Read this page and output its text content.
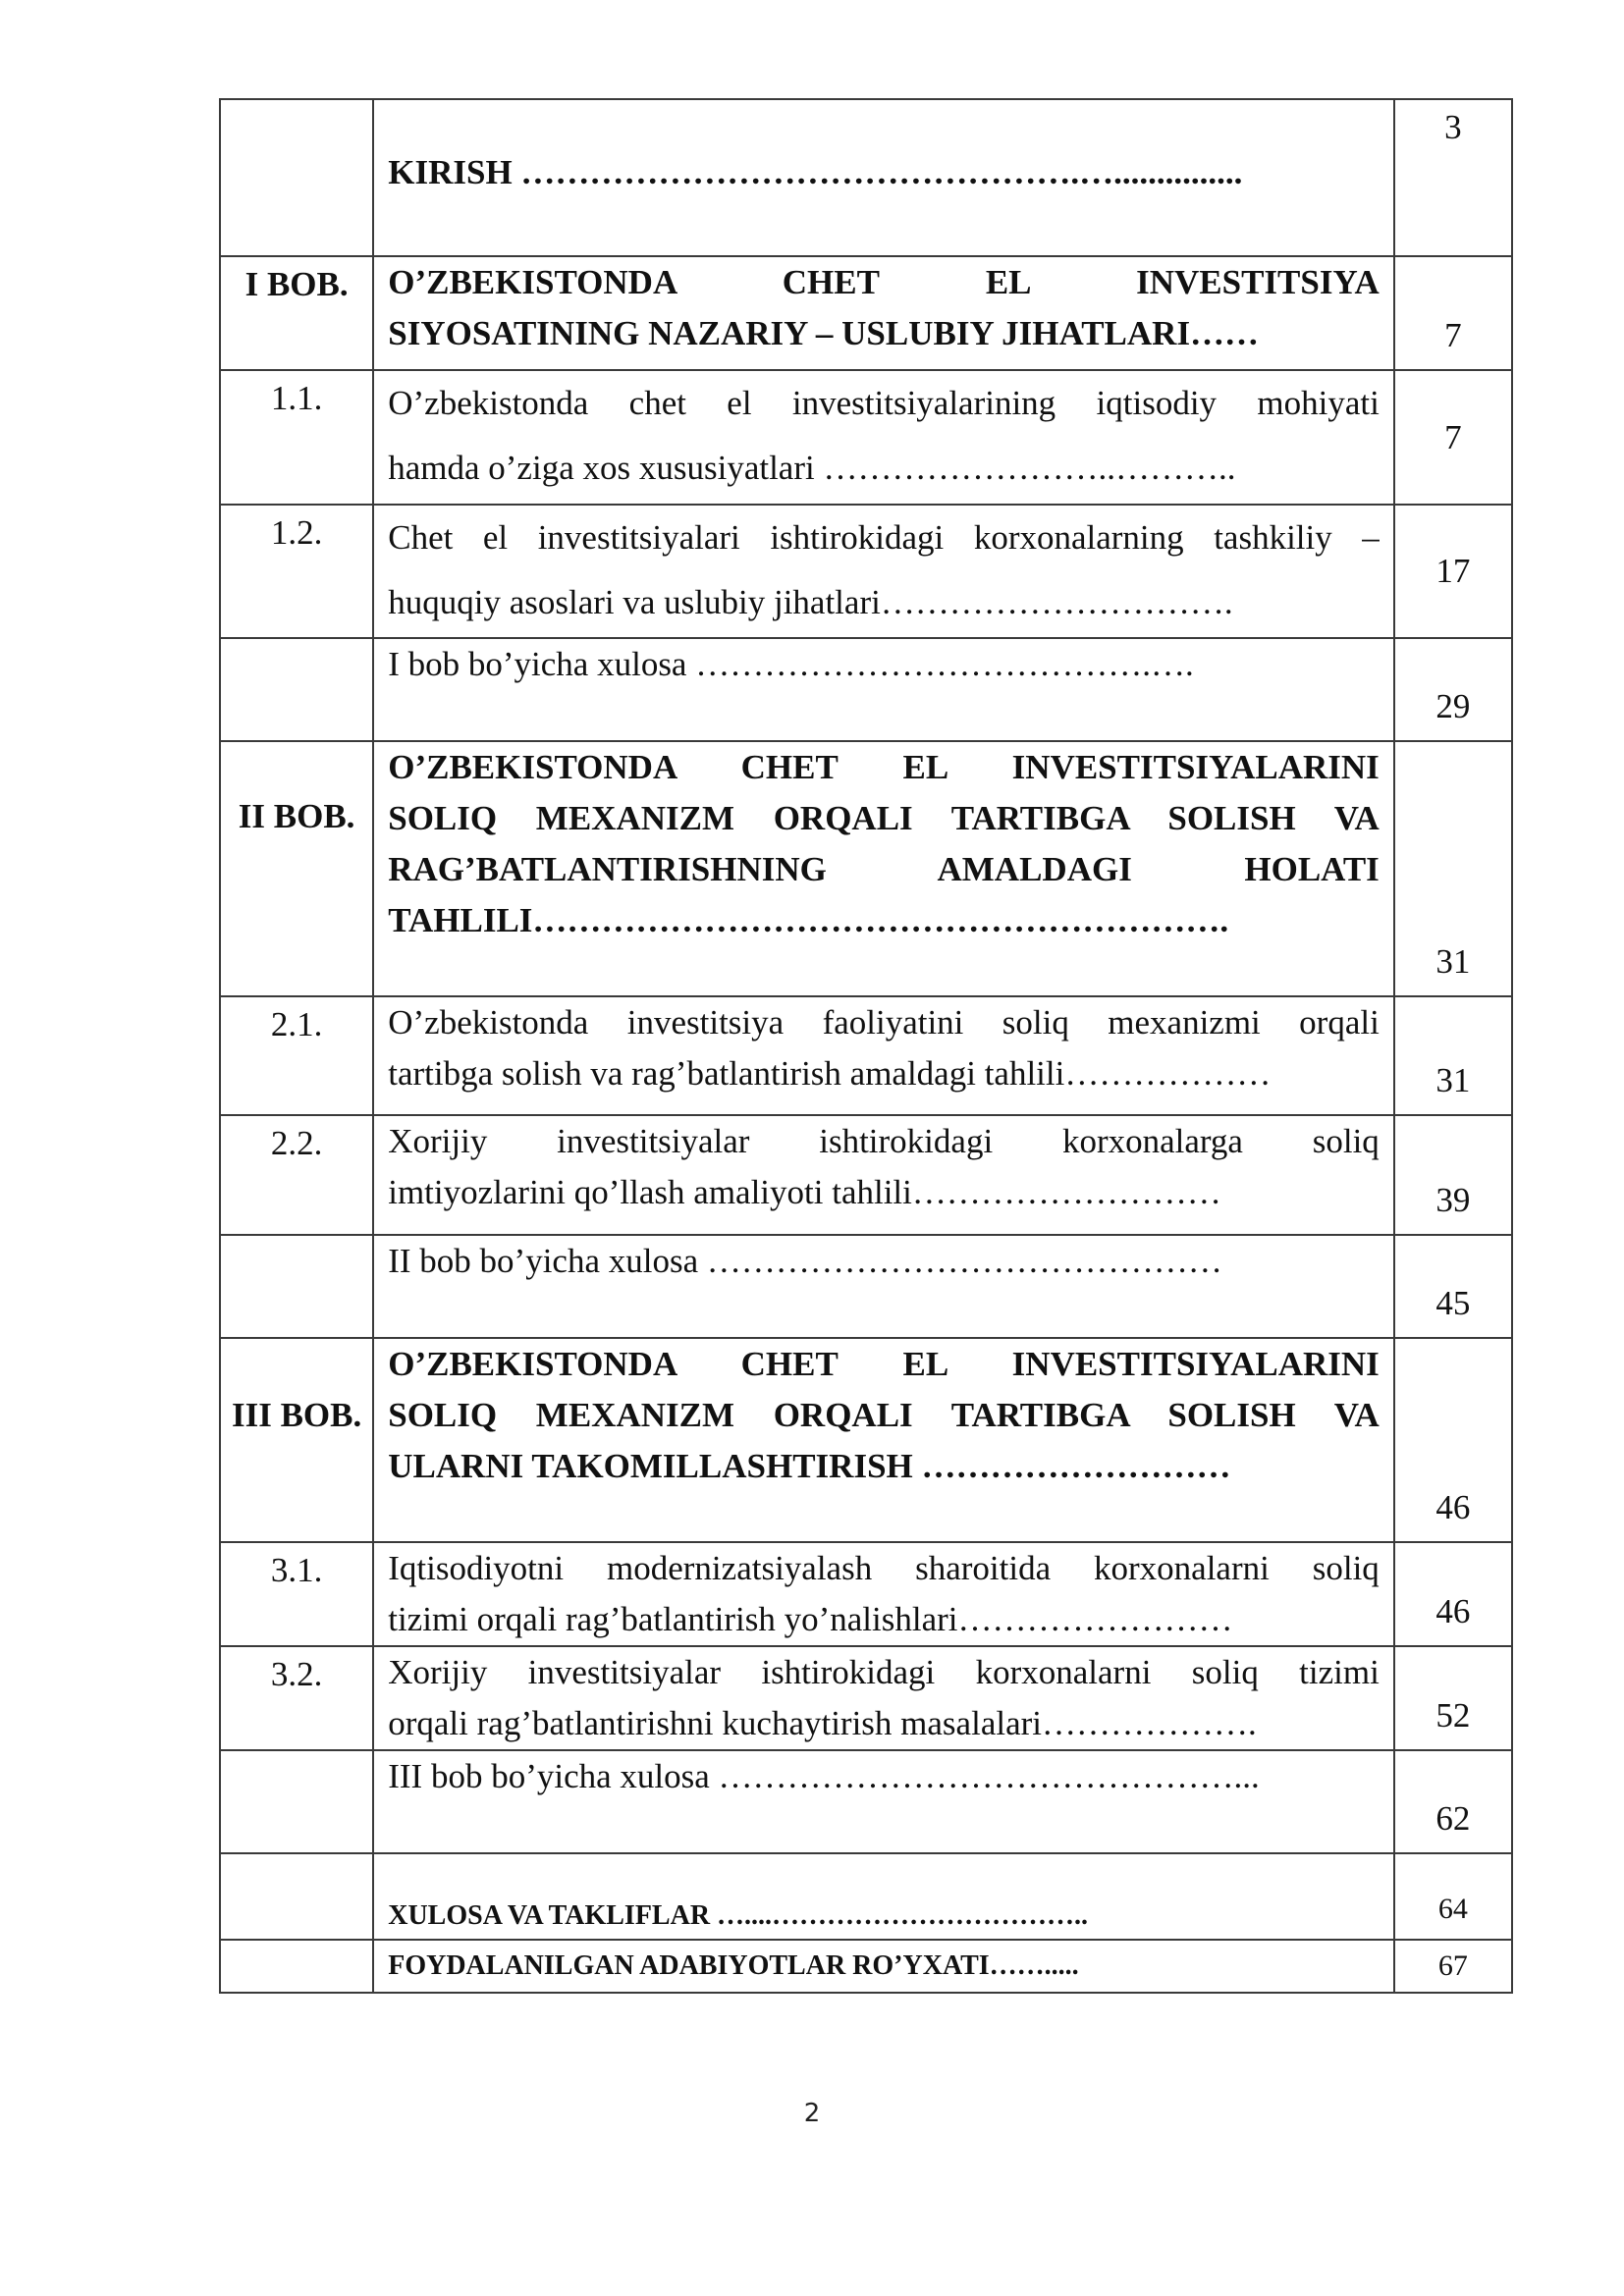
	KIRISH ………………………………………….…...............	3
I BOB.	O’ZBEKISTONDA CHET EL INVESTITSIYA
SIYOSATINING NAZARIY – USLUBIY JIHATLARI……	7
1.1.	O’zbekistonda chet el investitsiyalarining iqtisodiy mohiyati
hamda o’ziga xos xususiyatlari ……………………..………..	7
1.2.	Chet el investitsiyalari ishtirokidagi korxonalarning tashkiliy –
huquqiy asoslari va uslubiy jihatlari………………………….	17

	I bob bo’yicha xulosa ………………………………….….	29
II BOB.	O’ZBEKISTONDA CHET EL INVESTITSIYALARINI
SOLIQ MEXANIZM ORQALI TARTIBGA SOLISH VA
RAG’BATLANTIRISHNING AMALDAGI HOLATI
TAHLILI…………………………………………………….	31
2.1.	O’zbekistonda investitsiya faoliyatini soliq mexanizmi orqali
tartibga solish va rag’batlantirish amaldagi tahlili………………	31
2.2.	Xorijiy investitsiyalar ishtirokidagi korxonalarga soliq
imtiyozlarini qo’llash amaliyoti tahlili………………………	39

	II bob bo’yicha xulosa ………………………………………	45
III BOB.	O’ZBEKISTONDA CHET EL INVESTITSIYALARINI
SOLIQ MEXANIZM ORQALI TARTIBGA SOLISH VA
ULARNI TAKOMILLASHTIRISH ………………………	46
3.1.	Iqtisodiyotni modernizatsiyalash sharoitida korxonalarni soliq
tizimi orqali rag’batlantirish yo’nalishlari……………………	46
3.2.	Xorijiy investitsiyalar ishtirokidagi korxonalarni soliq tizimi
orqali rag’batlantirishni kuchaytirish masalalari……………….	52

	III bob bo’yicha xulosa ………………………………………...	62

	XULOSA VA TAKLIFLAR …....……………………………..	64

	FOYDALANILGAN ADABIYOTLAR RO’YXATI…….....	67
2
